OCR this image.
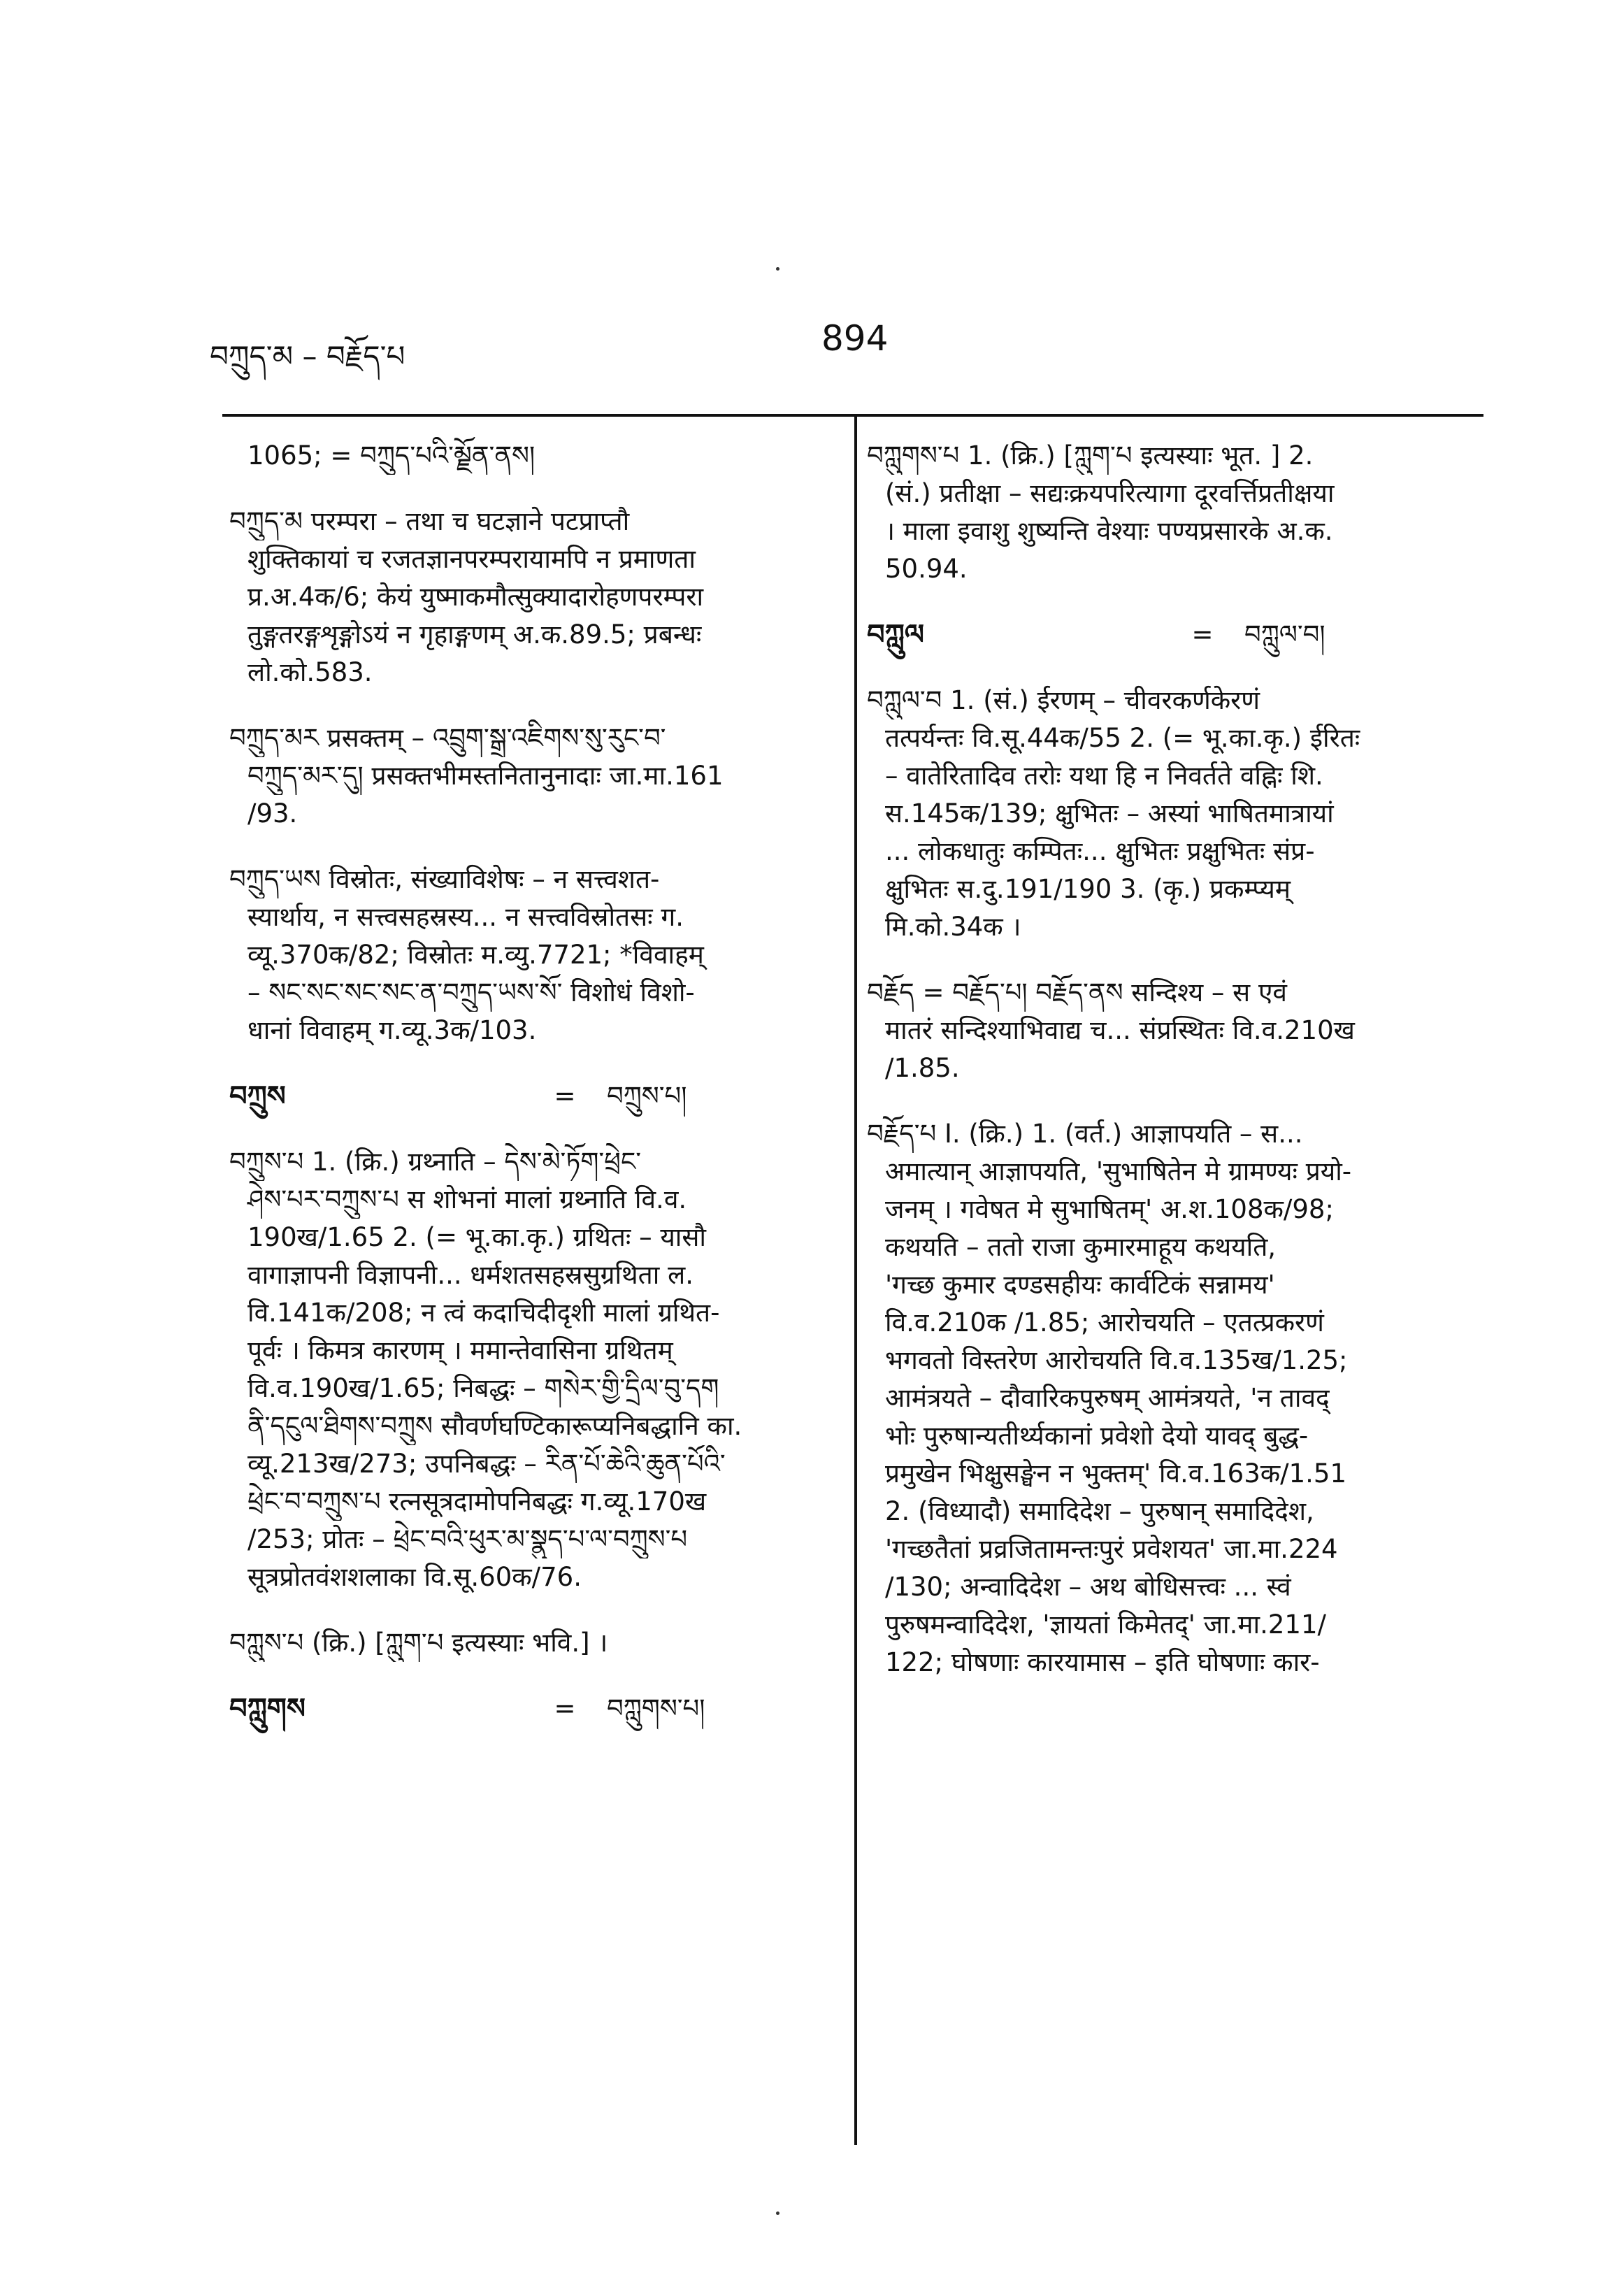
བཀྲུད་མ – བརྗོད་པ	894
1065; = བཀྲུད་པའི་མྗོན་ནས།
བཀྲུད་མ परम्परा – तथा च घटज्ञाने पटप्राप्तौ
शुक्तिकायां च रजतज्ञानपरम्परायामपि न प्रमाणता
प्र.अ.4क/6; केयं युष्माकमौत्सुक्यादारोहणपरम्परा
तुङ्गतरङ्गशृङ्गोऽयं न गृहाङ्गणम् अ.क.89.5; प्रबन्धः
लो.को.583.
བཀྲུད་མར प्रसक्तम् – འབྲུག་སྒྲ་འཇིགས་སུ་རུང་བ་
བཀྲུད་མར་དུ། प्रसक्तभीमस्तनितानुनादाः जा.मा.161
/93.
བཀྲུད་ཡས विस्रोतः, संख्याविशेषः – न सत्त्वशत-
स्यार्थाय, न सत्त्वसहस्रस्य... न सत्त्वविस्रोतसः ग.
व्यू.370क/82; विस्रोतः म.व्यु.7721; *विवाहम्
– སང་སང་སང་སང་ན་བཀྲུད་ཡས་སོ་ विशोधं विशो-
धानां विवाहम् ग.व्यू.3क/103.
བཀྲུས	=	བཀྲུས་པ།
བཀྲུས་པ 1. (क्रि.) ग्रथ्नाति – དེས་མེ་ཏོག་ཕྲེང་
ཤེས་པར་བཀྲུས་པ स शोभनां मालां ग्रथ्नाति वि.व.
190ख/1.65 2. (= भू.का.कृ.) ग्रथितः – यासौ
वागाज्ञापनी विज्ञापनी... धर्मशतसहस्रसुग्रथिता ल.
वि.141क/208; न त्वं कदाचिदीदृशी मालां ग्रथित-
पूर्वः । किमत्र कारणम् । ममान्तेवासिना ग्रथितम्
वि.व.190ख/1.65; निबद्धः – གསེར་གྱི་དྲིལ་བུ་དག
ནི་དངུལ་ཐིགས་བཀྲུས सौवर्णघण्टिकारूप्यनिबद्धानि का.
व्यू.213ख/273; उपनिबद्धः – རིན་པོ་ཆེའི་ཆུན་པོའི་
ཕྲེང་བ་བཀྲུས་པ रत्नसूत्रदामोपनिबद्धः ग.व्यू.170ख
/253; प्रोतः – ཕྲེང་བའི་ཕུར་མ་སྣུད་པ་ལ་བཀྲུས་པ
सूत्रप्रोतवंशशलाका वि.सू.60क/76.
བཀླུས་པ (क्रि.) [ཀླུག་པ इत्यस्याः भवि.] ।
བཀླུགས	=	བཀླུགས་པ།
བཀླུགས་པ 1. (क्रि.) [ཀླུག་པ इत्यस्याः भूत. ] 2.
(सं.) प्रतीक्षा – सद्यःक्रयपरित्यागा दूरवर्त्तिप्रतीक्षया
। माला इवाशु शुष्यन्ति वेश्याः पण्यप्रसारके अ.क.
50.94.
བཀླུལ	=	བཀླུལ་བ།
བཀླུལ་བ 1. (सं.) ईरणम् – चीवरकर्णकेरणं
तत्पर्यन्तः वि.सू.44क/55 2. (= भू.का.कृ.) ईरितः
– वातेरितादिव तरोः यथा हि न निवर्तते वह्निः शि.
स.145क/139; क्षुभितः – अस्यां भाषितमात्रायां
... लोकधातुः कम्पितः... क्षुभितः प्रक्षुभितः संप्र-
क्षुभितः स.दु.191/190 3. (कृ.) प्रकम्प्यम्
मि.को.34क ।
བརྗོད = བརྗོད་པ། བརྗོད་ནས सन्दिश्य – स एवं
मातरं सन्दिश्याभिवाद्य च... संप्रस्थितः वि.व.210ख
/1.85.
བརྗོད་པ I. (क्रि.) 1. (वर्त.) आज्ञापयति – स...
अमात्यान् आज्ञापयति, 'सुभाषितेन मे ग्रामण्यः प्रयो-
जनम् । गवेषत मे सुभाषितम्' अ.श.108क/98;
कथयति – ततो राजा कुमारमाहूय कथयति,
'गच्छ कुमार दण्डसहीयः कार्वटिकं सन्नामय'
वि.व.210क /1.85; आरोचयति – एतत्प्रकरणं
भगवतो विस्तरेण आरोचयति वि.व.135ख/1.25;
आमंत्रयते – दौवारिकपुरुषम् आमंत्रयते, 'न तावद्
भोः पुरुषान्यतीर्थ्यकानां प्रवेशो देयो यावद् बुद्ध-
प्रमुखेन भिक्षुसङ्घेन न भुक्तम्' वि.व.163क/1.51
2. (विध्यादौ) समादिदेश – पुरुषान् समादिदेश,
'गच्छतैतां प्रव्रजितामन्तःपुरं प्रवेशयत' जा.मा.224
/130; अन्वादिदेश – अथ बोधिसत्त्वः ... स्वं
पुरुषमन्वादिदेश, 'ज्ञायतां किमेतद्' जा.मा.211/
122; घोषणाः कारयामास – इति घोषणाः कार-
